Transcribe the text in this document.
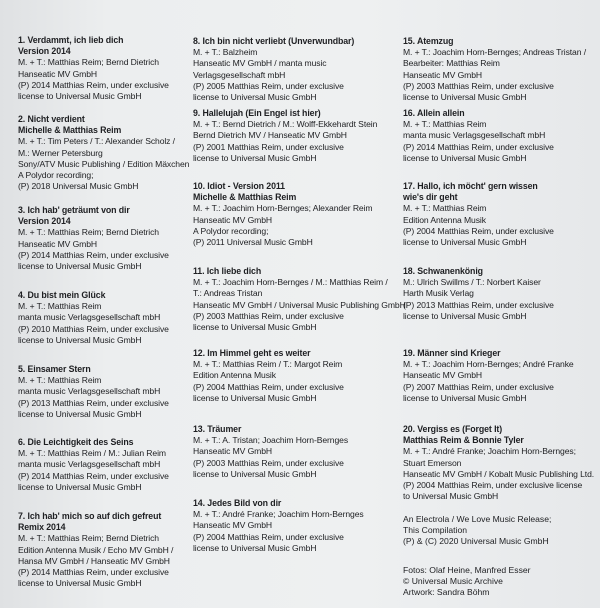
1. Verdammt, ich lieb dich
Version 2014
M. + T.: Matthias Reim; Bernd Dietrich
Hanseatic MV GmbH
(P) 2014 Matthias Reim, under exclusive
license to Universal Music GmbH
2. Nicht verdient
Michelle & Matthias Reim
M. + T.: Tim Peters / T.: Alexander Scholz /
M.: Werner Petersburg
Sony/ATV Music Publishing / Edition Mäxchen
A Polydor recording;
(P) 2018 Universal Music GmbH
3. Ich hab' geträumt von dir
Version 2014
M. + T.: Matthias Reim; Bernd Dietrich
Hanseatic MV GmbH
(P) 2014 Matthias Reim, under exclusive
license to Universal Music GmbH
4. Du bist mein Glück
M. + T.: Matthias Reim
manta music Verlagsgesellschaft mbH
(P) 2010 Matthias Reim, under exclusive
license to Universal Music GmbH
5. Einsamer Stern
M. + T.: Matthias Reim
manta music Verlagsgesellschaft mbH
(P) 2013 Matthias Reim, under exclusive
license to Universal Music GmbH
6. Die Leichtigkeit des Seins
M. + T.: Matthias Reim / M.: Julian Reim
manta music Verlagsgesellschaft mbH
(P) 2014 Matthias Reim, under exclusive
license to Universal Music GmbH
7. Ich hab' mich so auf dich gefreut
Remix 2014
M. + T.: Matthias Reim; Bernd Dietrich
Edition Antenna Musik / Echo MV GmbH /
Hansa MV GmbH / Hanseatic MV GmbH
(P) 2014 Matthias Reim, under exclusive
license to Universal Music GmbH
8. Ich bin nicht verliebt (Unverwundbar)
M. + T.: Balzheim
Hanseatic MV GmbH / manta music
Verlagsgesellschaft mbH
(P) 2005 Matthias Reim, under exclusive
license to Universal Music GmbH
9. Hallelujah (Ein Engel ist hier)
M. + T.: Bernd Dietrich / M.: Wolff-Ekkehardt Stein
Bernd Dietrich MV / Hanseatic MV GmbH
(P) 2001 Matthias Reim, under exclusive
license to Universal Music GmbH
10. Idiot - Version 2011
Michelle & Matthias Reim
M. + T.: Joachim Horn-Bernges; Alexander Reim
Hanseatic MV GmbH
A Polydor recording;
(P) 2011 Universal Music GmbH
11. Ich liebe dich
M. + T.: Joachim Horn-Bernges / M.: Matthias Reim /
T.: Andreas Tristan
Hanseatic MV GmbH / Universal Music Publishing GmbH
(P) 2003 Matthias Reim, under exclusive
license to Universal Music GmbH
12. Im Himmel geht es weiter
M. + T.: Matthias Reim / T.: Margot Reim
Edition Antenna Musik
(P) 2004 Matthias Reim, under exclusive
license to Universal Music GmbH
13. Träumer
M. + T.: A. Tristan; Joachim Horn-Bernges
Hanseatic MV GmbH
(P) 2003 Matthias Reim, under exclusive
license to Universal Music GmbH
14. Jedes Bild von dir
M. + T.: André Franke; Joachim Horn-Bernges
Hanseatic MV GmbH
(P) 2004 Matthias Reim, under exclusive
license to Universal Music GmbH
15. Atemzug
M. + T.: Joachim Horn-Bernges; Andreas Tristan /
Bearbeiter: Matthias Reim
Hanseatic MV GmbH
(P) 2003 Matthias Reim, under exclusive
license to Universal Music GmbH
16. Allein allein
M. + T.: Matthias Reim
manta music Verlagsgesellschaft mbH
(P) 2014 Matthias Reim, under exclusive
license to Universal Music GmbH
17. Hallo, ich möcht' gern wissen
wie's dir geht
M. + T.: Matthias Reim
Edition Antenna Musik
(P) 2004 Matthias Reim, under exclusive
license to Universal Music GmbH
18. Schwanenkönig
M.: Ulrich Swillms / T.: Norbert Kaiser
Harth Musik Verlag
(P) 2013 Matthias Reim, under exclusive
license to Universal Music GmbH
19. Männer sind Krieger
M. + T.: Joachim Horn-Bernges; André Franke
Hanseatic MV GmbH
(P) 2007 Matthias Reim, under exclusive
license to Universal Music GmbH
20. Vergiss es (Forget It)
Matthias Reim & Bonnie Tyler
M. + T.: André Franke; Joachim Horn-Bernges;
Stuart Emerson
Hanseatic MV GmbH / Kobalt Music Publishing Ltd.
(P) 2004 Matthias Reim, under exclusive license
to Universal Music GmbH
An Electrola / We Love Music Release;
This Compilation
(P) & (C) 2020 Universal Music GmbH
Fotos: Olaf Heine, Manfred Esser
© Universal Music Archive
Artwork: Sandra Böhm
